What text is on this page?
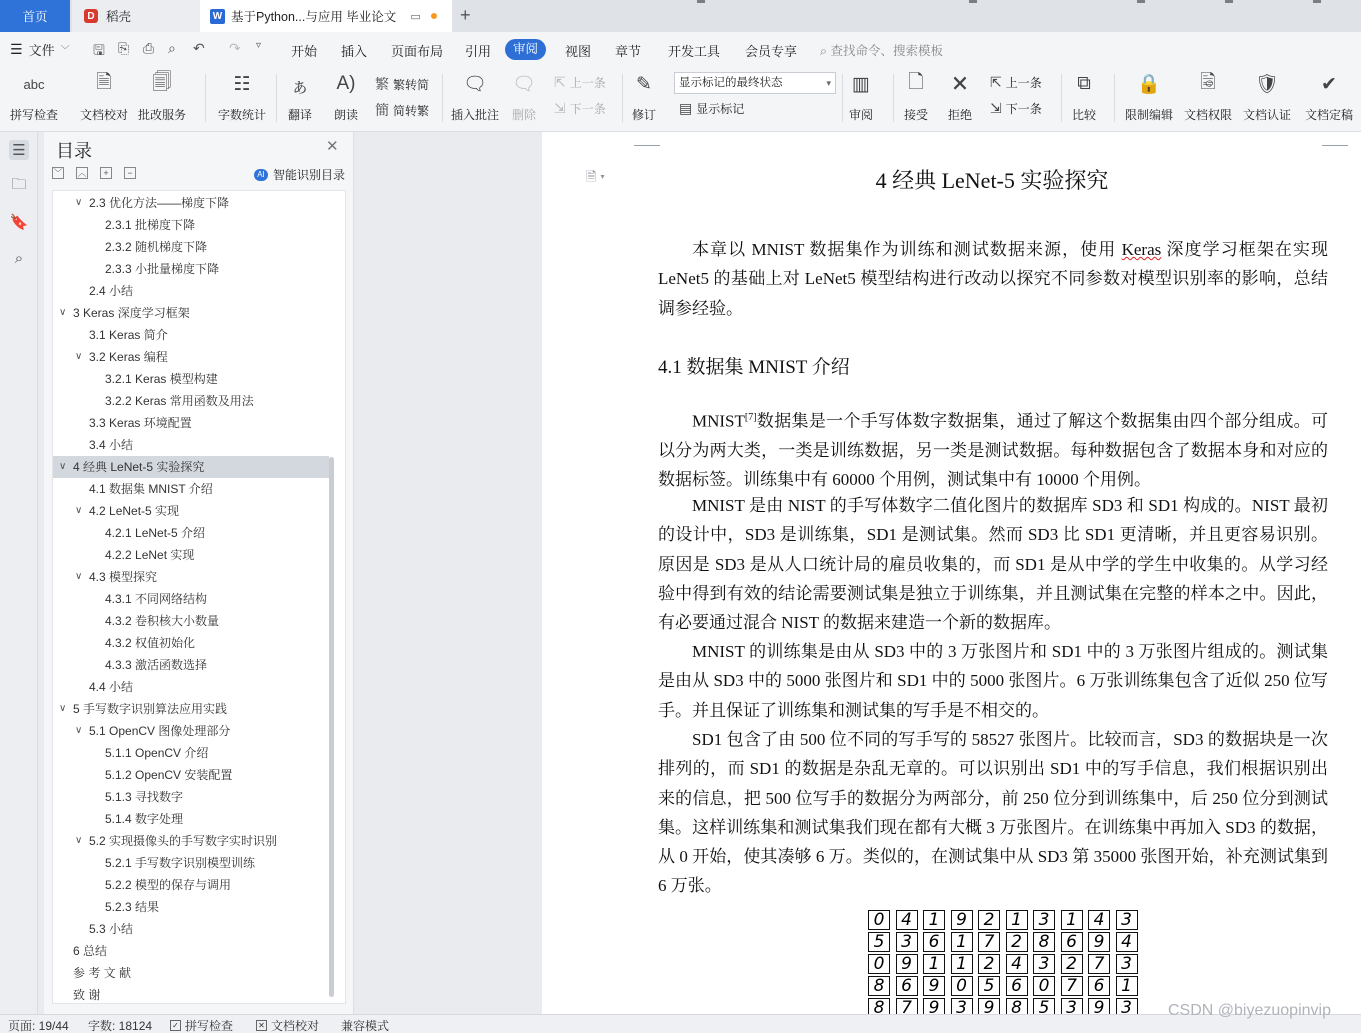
首页	D 稻壳	W 基于Python...与应用 毕业论文 ▭ +
☰ 文件 ﹀ 🖫 ⎘ ⎙ ⌕ ↶ ↷ ▿ 开始 插入 页面布局 引用	审阅	视图 章节 开发工具 会员专享 ⌕ 查找命令、搜索模板
abc
拼写检查
🗎
文档校对
🗐
批改服务
☷
字数统计
ぁ
翻译
A)
朗读
繁 繁转简
簡 简转繁
🗨
插入批注
🗨
删除
⇱ 上一条
⇲ 下一条
✎
修订
显示标记的最终状态	▾
▤ 显示标记
▥
审阅
🗋
接受
🗙
拒绝
⇱ 上一条
⇲ 下一条
⧉
比较
🔒
限制编辑
🗟
文档权限
🛡
文档认证
✔
文档定稿
☰
🗀
🔖
⌕
目录	✕
﹀ ︿	+	−	AI 智能识别目录
∨ 2.3 优化方法——梯度下降
2.3.1 批梯度下降
2.3.2 随机梯度下降
2.3.3 小批量梯度下降
2.4 小结
∨ 3 Keras 深度学习框架
3.1 Keras 简介
∨ 3.2 Keras 编程
3.2.1 Keras 模型构建
3.2.2 Keras 常用函数及用法
3.3 Keras 环境配置
3.4 小结
∨ 4 经典 LeNet-5 实验探究
4.1 数据集 MNIST 介绍
∨ 4.2 LeNet-5 实现
4.2.1 LeNet-5 介绍
4.2.2 LeNet 实现
∨ 4.3 模型探究
4.3.1 不同网络结构
4.3.2 卷积核大小数量
4.3.2 权值初始化
4.3.3 激活函数选择
4.4 小结
∨ 5 手写数字识别算法应用实践
∨ 5.1 OpenCV 图像处理部分
5.1.1 OpenCV 介绍
5.1.2 OpenCV 安装配置
5.1.3 寻找数字
5.1.4 数字处理
∨ 5.2 实现摄像头的手写数字实时识别
5.2.1 手写数字识别模型训练
5.2.2 模型的保存与调用
5.2.3 结果
5.3 小结
6 总结
参 考 文 献
致 谢
🗎 ▾	4 经典 LeNet-5 实验探究
本章以 MNIST 数据集作为训练和测试数据来源，使用 Keras 深度学习框架在实现 LeNet5 的基础上对 LeNet5 模型结构进行改动以探究不同参数对模型识别率的影响，总结调参经验。
4.1 数据集 MNIST 介绍
MNIST[7]数据集是一个手写体数字数据集，通过了解这个数据集由四个部分组成。可以分为两大类，一类是训练数据，另一类是测试数据。每种数据包含了数据本身和对应的数据标签。训练集中有 60000 个用例，测试集中有 10000 个用例。
MNIST 是由 NIST 的手写体数字二值化图片的数据库 SD3 和 SD1 构成的。NIST 最初的设计中，SD3 是训练集，SD1 是测试集。然而 SD3 比 SD1 更清晰，并且更容易识别。原因是 SD3 是从人口统计局的雇员收集的，而 SD1 是从中学的学生中收集的。从学习经验中得到有效的结论需要测试集是独立于训练集，并且测试集在完整的样本之中。因此，有必要通过混合 NIST 的数据来建造一个新的数据库。
MNIST 的训练集是由从 SD3 中的 3 万张图片和 SD1 中的 3 万张图片组成的。测试集是由从 SD3 中的 5000 张图片和 SD1 中的 5000 张图片。6 万张训练集包含了近似 250 位写手。并且保证了训练集和测试集的写手是不相交的。
SD1 包含了由 500 位不同的写手写的 58527 张图片。比较而言，SD3 的数据块是一次排列的，而 SD1 的数据是杂乱无章的。可以识别出 SD1 中的写手信息，我们根据识别出来的信息，把 500 位写手的数据分为两部分，前 250 位分到训练集中，后 250 位分到测试集。这样训练集和测试集我们现在都有大概 3 万张图片。在训练集中再加入 SD3 的数据，从 0 开始，使其凑够 6 万。类似的，在测试集中从 SD3 第 35000 张图开始，补充测试集到 6 万张。
0 4 1 9 2 1 3 1 4 3
5 3 6 1 7 2 8 6 9 4
0 9 1 1 2 4 3 2 7 3
8 6 9 0 5 6 0 7 6 1
8 7 9 3 9 8 5 3 9 3
页面: 19/44 字数: 18124	✓ 拼写检查	✕ 文档校对 兼容模式
CSDN @biyezuopinvip
